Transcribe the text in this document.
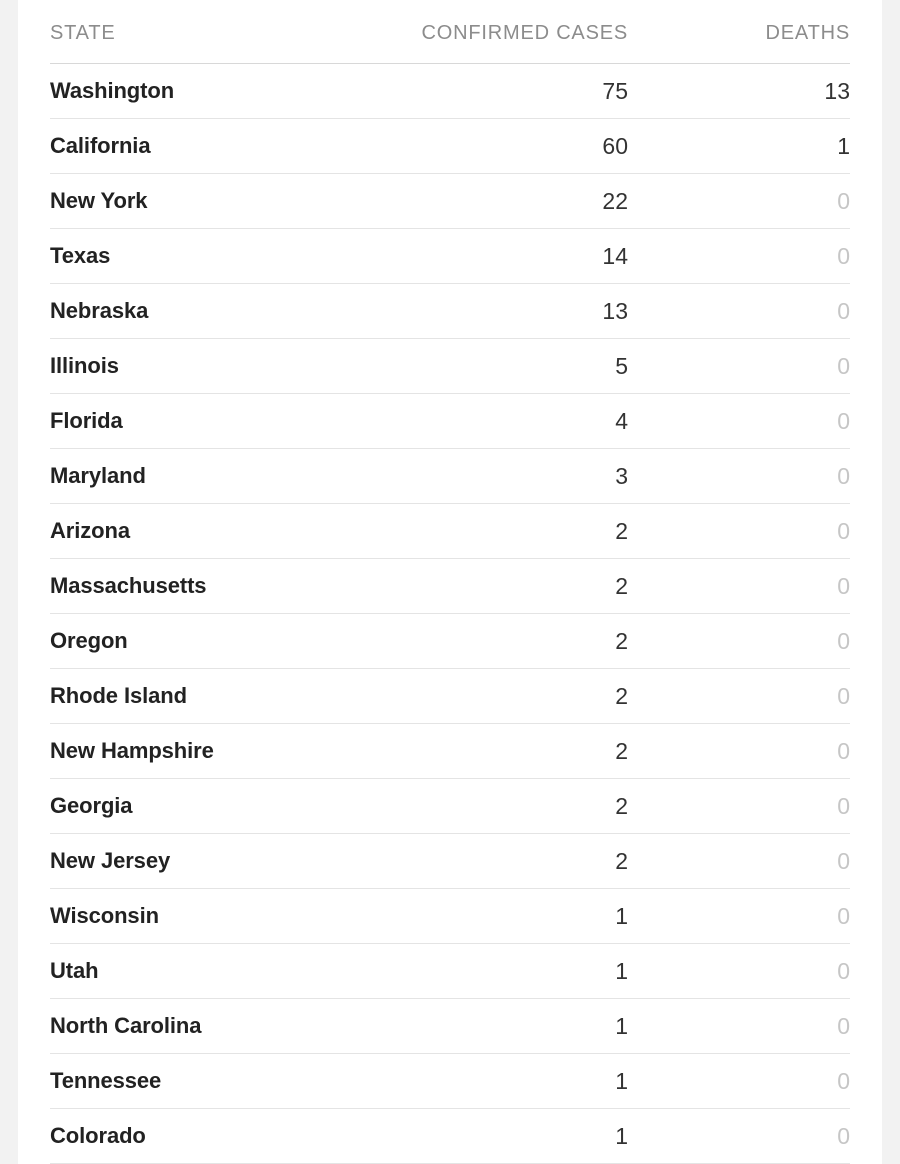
STATE	CONFIRMED CASES	DEATHS
Washington	75	13
California	60	1
New York	22	0
Texas	14	0
Nebraska	13	0
Illinois	5	0
Florida	4	0
Maryland	3	0
Arizona	2	0
Massachusetts	2	0
Oregon	2	0
Rhode Island	2	0
New Hampshire	2	0
Georgia	2	0
New Jersey	2	0
Wisconsin	1	0
Utah	1	0
North Carolina	1	0
Tennessee	1	0
Colorado	1	0
